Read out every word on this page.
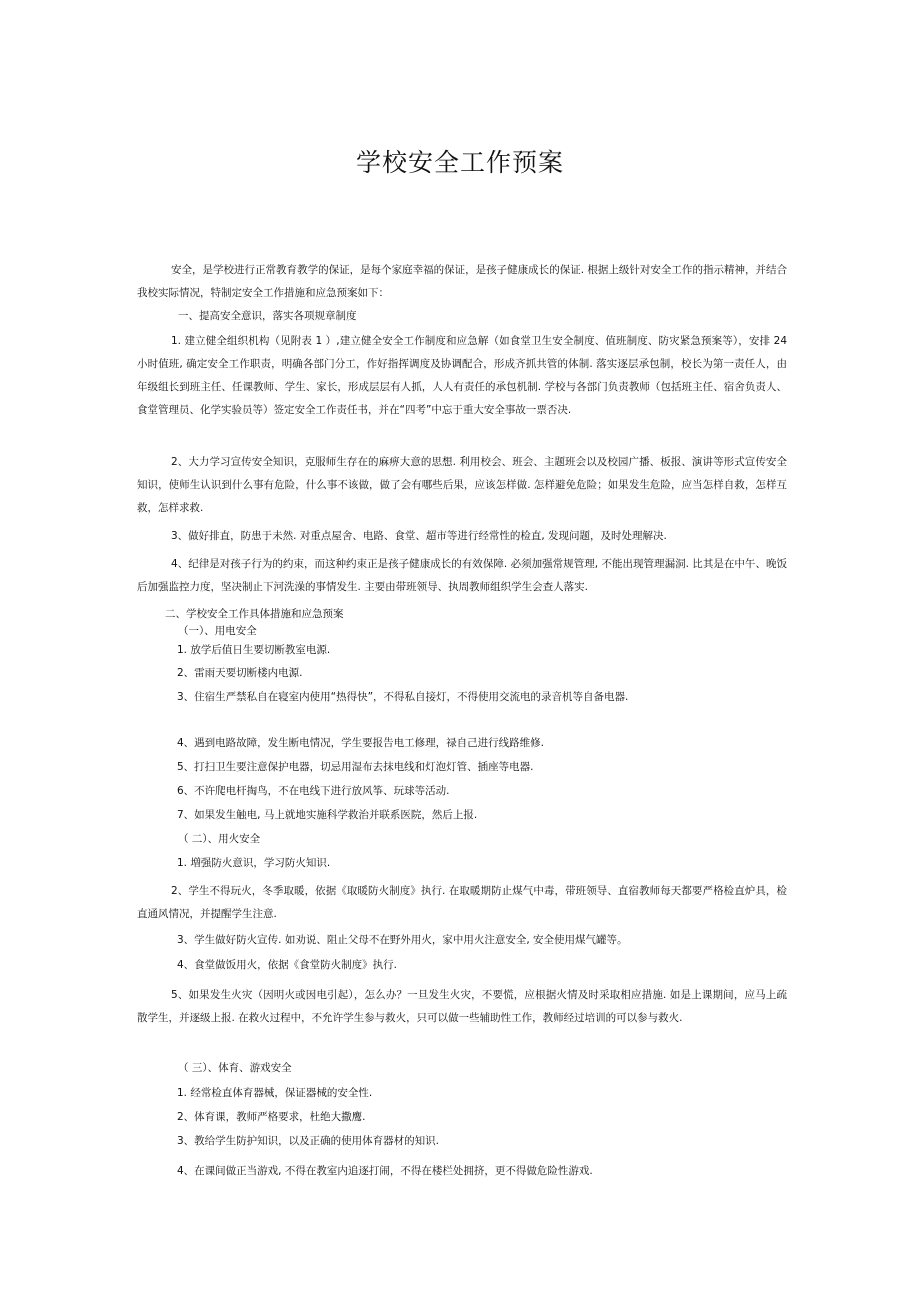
学校安全工作预案

安全，是学校进行正常教育教学的保证，是每个家庭幸福的保证，是孩子健康成长的保证. 根据上级针对安全工作的指示精神，并结合我校实际情况，特制定安全工作措施和应急预案如下：

一、提高安全意识，落实各项规章制度

1. 建立健全组织机构（见附表 1 ）,建立健全安全工作制度和应急解（如食堂卫生安全制度、值班制度、防灾紧急预案等），安排 24 小时值班, 确定安全工作职责，明确各部门分工，作好指挥调度及协调配合，形成齐抓共管的体制. 落实逐层承包制，校长为第一责任人，由年级组长到班主任、任课教师、学生、家长，形成层层有人抓，人人有责任的承包机制. 学校与各部门负责教师（包括班主任、宿舍负责人、食堂管理员、化学实验员等）签定安全工作责任书，并在“四考”中忘于重大安全事故一票否决.

2、大力学习宣传安全知识，克服师生存在的麻痹大意的思想. 利用校会、班会、主题班会以及校园广播、板报、演讲等形式宣传安全知识，使师生认识到什么事有危险，什么事不该做，做了会有哪些后果，应该怎样做. 怎样避免危险；如果发生危险，应当怎样自救，怎样互救，怎样求救.

3、做好排直，防患于未然. 对重点屋舍、电路、食堂、超市等进行经常性的检直, 发现问题，及时处理解决.

4、纪律是对孩子行为的约束，而这种约束正是孩子健康成长的有效保障. 必须加强常规管理, 不能出现管理漏洞. 比其是在中午、晚饭后加强监控力度，坚决制止下河洗澡的事情发生. 主要由带班领导、执周教师组织学生会查人落实.

二、学校安全工作具体措施和应急预案

（一）、用电安全

1. 放学后值日生要切断教室电源.

2、雷雨天要切断楼内电源.

3、住宿生严禁私自在寝室内使用“热得快”，不得私自接灯，不得使用交流电的录音机等自备电器.

4、遇到电路故障，发生断电情况，学生要报告电工修理，禄自己进行线路维修.

5、打扫卫生要注意保护电器，切忌用湿布去抹电线和灯泡灯管、插座等电器.

6、不许爬电杆掏鸟，不在电线下进行放风筝、玩球等活动.

7、如果发生触电, 马上就地实施科学救治并联系医院，然后上报.

（ 二）、用火安全

1. 増强防火意识，学习防火知识.

2、学生不得玩火，冬季取暖，依据《取暖防火制度》执行. 在取暖期防止煤气中毒，带班领导、直宿教师每天都要严格检直炉具，检直通风情况，并提醒学生注意.

3、学生做好防火宣传. 如劝说、阻止父母不在野外用火，家中用火注意安全, 安全使用煤气罐等。

4、食堂做饭用火，依据《食堂防火制度》执行.

5、如果发生火灾（因明火或因电引起），怎么办？一旦发生火灾，不要慌，应根据火情及时采取相应措施. 如是上课期间，应马上疏散学生，并逐级上报. 在救火过程中，不允许学生参与救火，只可以做一些辅助性工作，教师经过培训的可以参与救火.

（ 三）、体育、游戏安全

1. 经常检直体育器械，保证器械的安全性.

2、体育课，教师严格要求，杜绝大撒鹰.

3、教给学生防护知识，以及正确的使用体育器材的知识.

4、在课间做正当游戏, 不得在教室内追逐打闹，不得在楼栏处拥挤，更不得做危险性游戏.
